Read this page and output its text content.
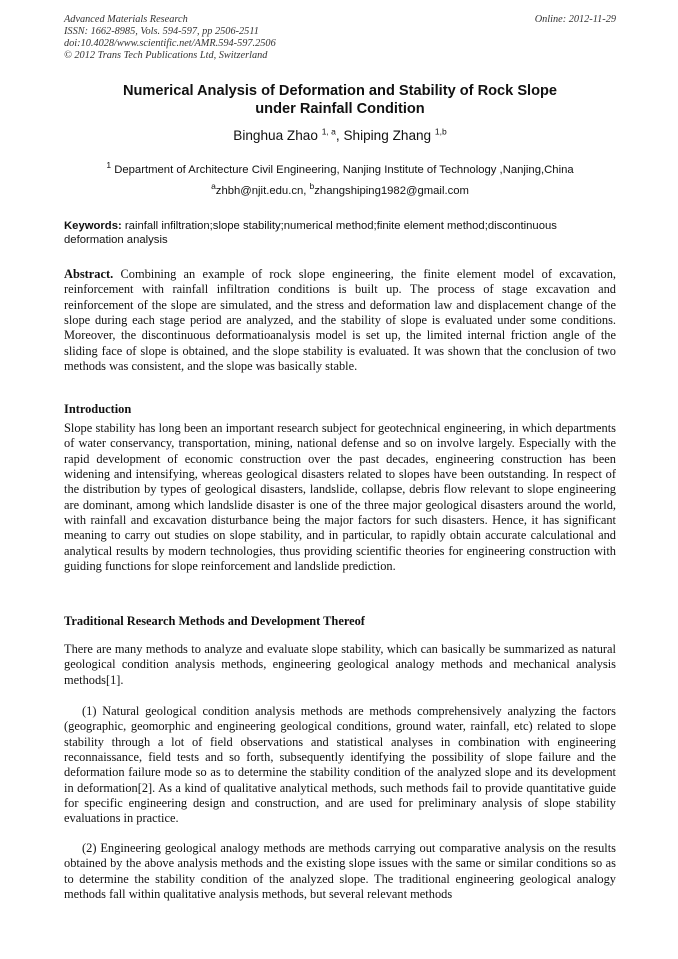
Advanced Materials Research
ISSN: 1662-8985, Vols. 594-597, pp 2506-2511
doi:10.4028/www.scientific.net/AMR.594-597.2506
© 2012 Trans Tech Publications Ltd, Switzerland
Online: 2012-11-29
Numerical Analysis of Deformation and Stability of Rock Slope
under Rainfall Condition
Binghua Zhao $^{1, a}$, Shiping Zhang $^{1,b}$
$^1$ Department of Architecture Civil Engineering, Nanjing Institute of Technology ,Nanjing,China
$^a$zhbh@njit.edu.cn, $^b$zhangshiping1982@gmail.com
Keywords: rainfall infiltration;slope stability;numerical method;finite element method;discontinuous deformation analysis
Abstract. Combining an example of rock slope engineering, the finite element model of excavation, reinforcement with rainfall infiltration conditions is built up. The process of stage excavation and reinforcement of the slope are simulated, and the stress and deformation law and displacement change of the slope during each stage period are analyzed, and the stability of slope is evaluated under some conditions. Moreover, the discontinuous deformatioanalysis model is set up, the limited internal friction angle of the sliding face of slope is obtained, and the slope stability is evaluated. It was shown that the conclusion of two methods was consistent, and the slope was basically stable.
Introduction
Slope stability has long been an important research subject for geotechnical engineering, in which departments of water conservancy, transportation, mining, national defense and so on involve largely. Especially with the rapid development of economic construction over the past decades, engineering construction has been widening and intensifying, whereas geological disasters related to slopes have been outstanding. In respect of the distribution by types of geological disasters, landslide, collapse, debris flow relevant to slope engineering are dominant, among which landslide disaster is one of the three major geological disasters around the world, with rainfall and excavation disturbance being the major factors for such disasters. Hence, it has significant meaning to carry out studies on slope stability, and in particular, to rapidly obtain accurate calculational and analytical results by modern technologies, thus providing scientific theories for engineering construction with guiding functions for slope reinforcement and landslide prediction.
Traditional Research Methods and Development Thereof
There are many methods to analyze and evaluate slope stability, which can basically be summarized as natural geological condition analysis methods, engineering geological analogy methods and mechanical analysis methods[1].
(1) Natural geological condition analysis methods are methods comprehensively analyzing the factors (geographic, geomorphic and engineering geological conditions, ground water, rainfall, etc) related to slope stability through a lot of field observations and statistical analyses in combination with engineering reconnaissance, field tests and so forth, subsequently identifying the possibility of slope failure and the deformation failure mode so as to determine the stability condition of the analyzed slope and its development in deformation[2]. As a kind of qualitative analytical methods, such methods fail to provide quantitative guide for specific engineering design and construction, and are used for preliminary analysis of slope stability evaluations in practice.
(2) Engineering geological analogy methods are methods carrying out comparative analysis on the results obtained by the above analysis methods and the existing slope issues with the same or similar conditions so as to determine the stability condition of the analyzed slope. The traditional engineering geological analogy methods fall within qualitative analysis methods, but several relevant methods
